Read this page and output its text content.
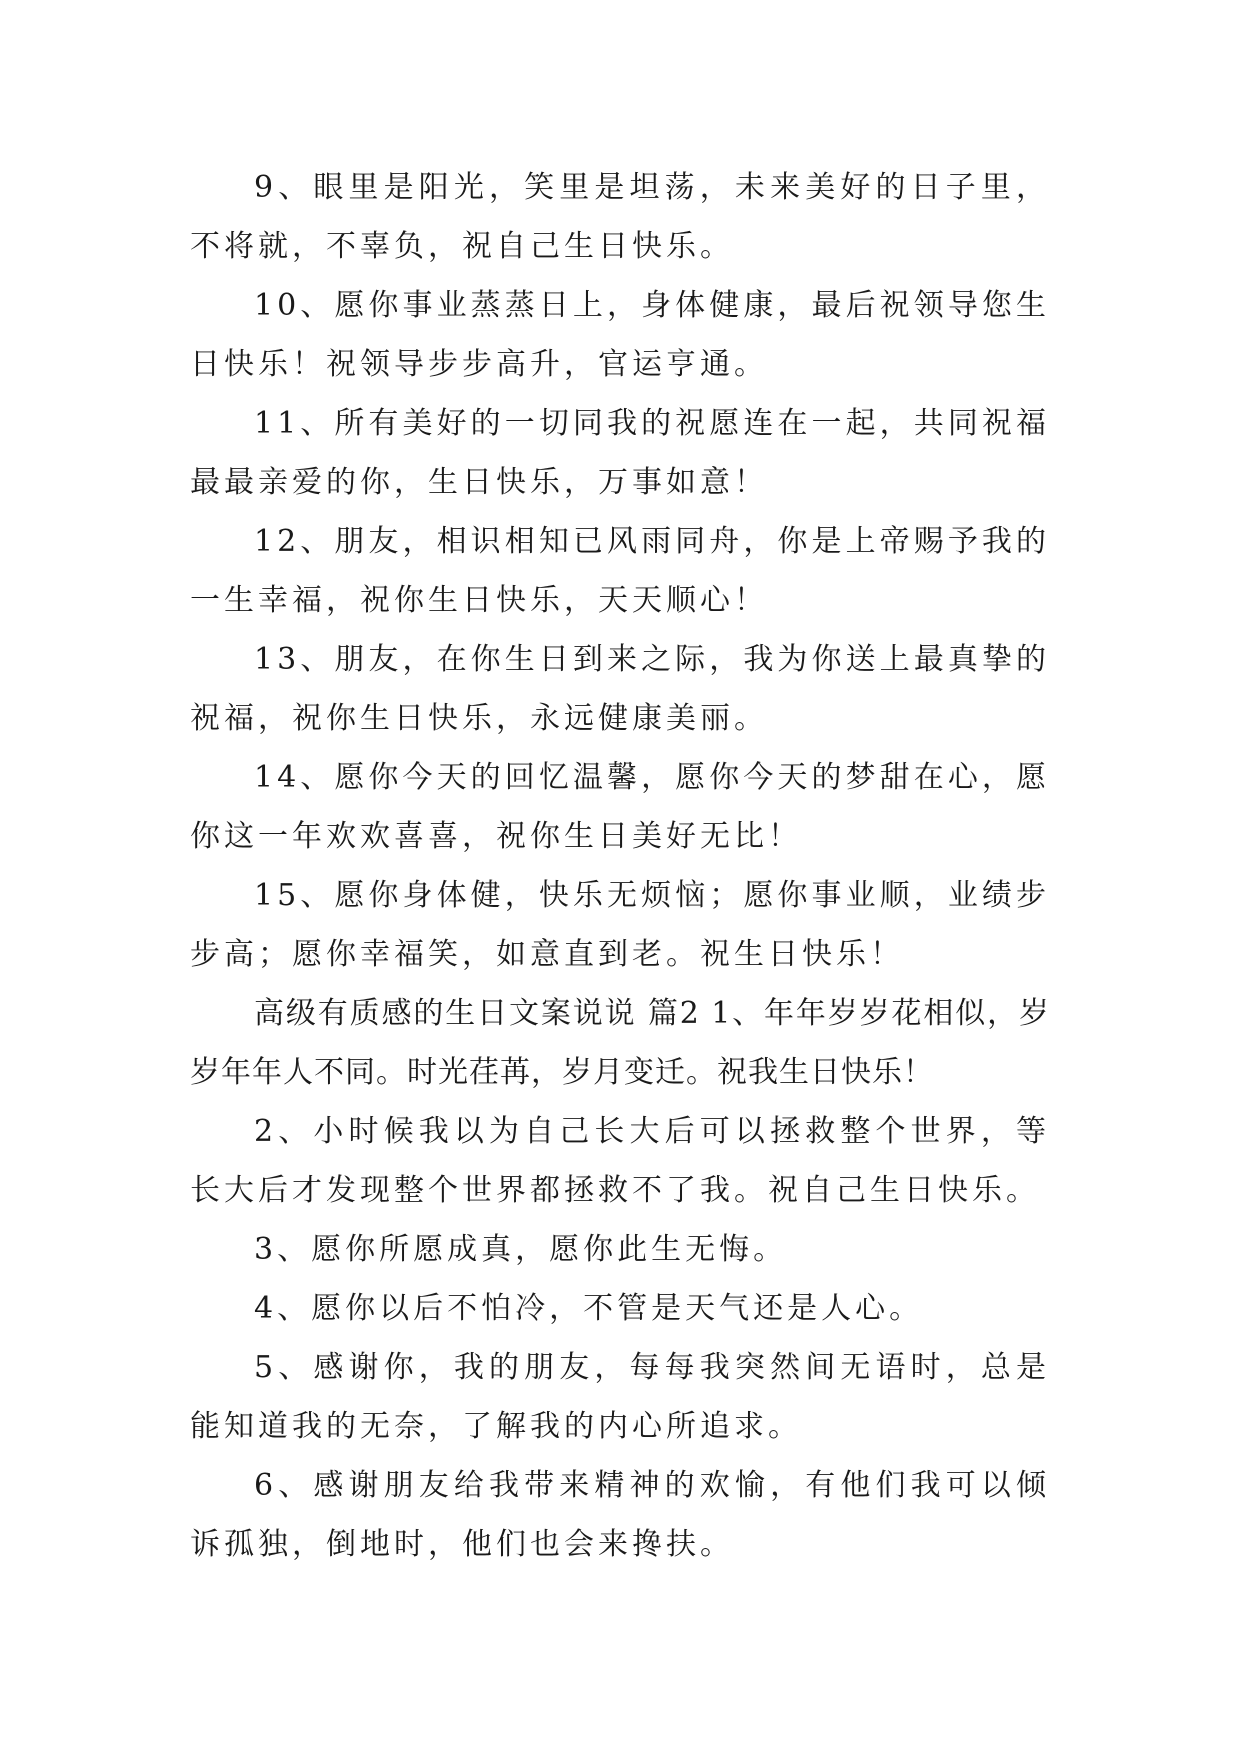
9、眼里是阳光，笑里是坦荡，未来美好的日子里，不将就，不辜负，祝自己生日快乐。

10、愿你事业蒸蒸日上，身体健康，最后祝领导您生日快乐！祝领导步步高升，官运亨通。

11、所有美好的一切同我的祝愿连在一起，共同祝福最最亲爱的你，生日快乐，万事如意！

12、朋友，相识相知已风雨同舟，你是上帝赐予我的一生幸福，祝你生日快乐，天天顺心！

13、朋友，在你生日到来之际，我为你送上最真挚的祝福，祝你生日快乐，永远健康美丽。

14、愿你今天的回忆温馨，愿你今天的梦甜在心，愿你这一年欢欢喜喜，祝你生日美好无比！

15、愿你身体健，快乐无烦恼；愿你事业顺，业绩步步高；愿你幸福笑，如意直到老。祝生日快乐！

高级有质感的生日文案说说 篇2 1、年年岁岁花相似，岁岁年年人不同。时光荏苒，岁月变迁。祝我生日快乐！

2、小时候我以为自己长大后可以拯救整个世界，等长大后才发现整个世界都拯救不了我。祝自己生日快乐。

3、愿你所愿成真，愿你此生无悔。

4、愿你以后不怕冷，不管是天气还是人心。

5、感谢你，我的朋友，每每我突然间无语时，总是能知道我的无奈，了解我的内心所追求。

6、感谢朋友给我带来精神的欢愉，有他们我可以倾诉孤独，倒地时，他们也会来搀扶。
